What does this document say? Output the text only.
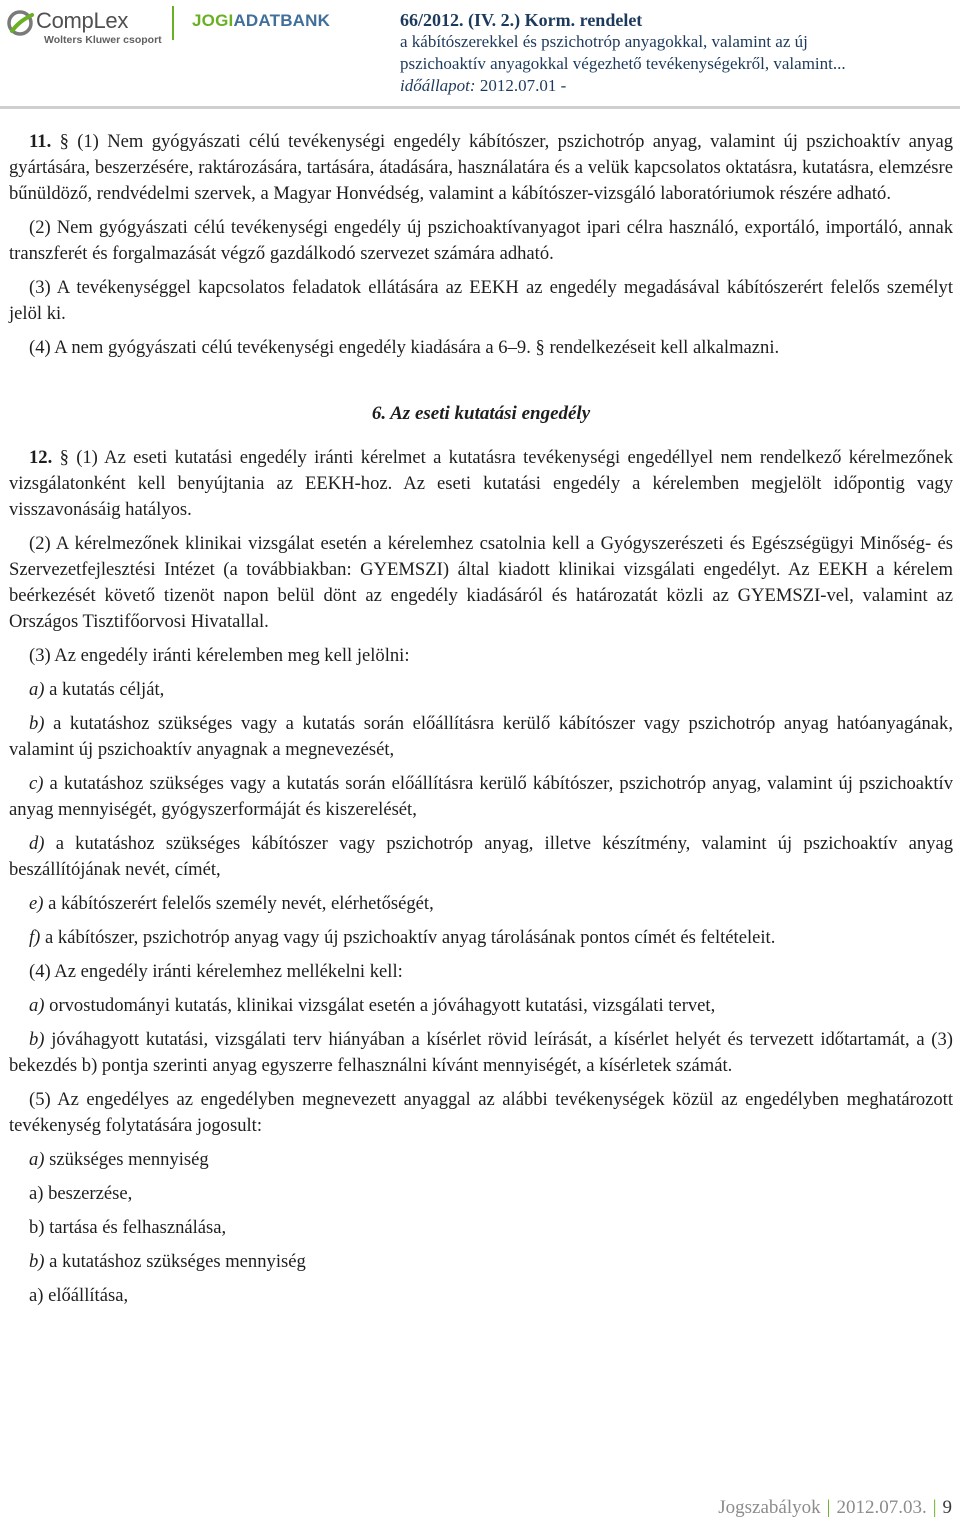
CompLex
Wolters Kluwer csoport
JOGIADATBANK	66/2012. (IV. 2.) Korm. rendelet
a kábítószerekkel és pszichotróp anyagokkal, valamint az új
pszichoaktív anyagokkal végezhető tevékenységekről, valamint...
időállapot: 2012.07.01 -

11. § (1) Nem gyógyászati célú tevékenységi engedély kábítószer, pszichotróp anyag, valamint új pszichoaktív anyag gyártására, beszerzésére, raktározására, tartására, átadására, használatára és a velük kapcsolatos oktatásra, kutatásra, elemzésre bűnüldöző, rendvédelmi szervek, a Magyar Honvédség, valamint a kábítószer-vizsgáló laboratóriumok részére adható.

(2) Nem gyógyászati célú tevékenységi engedély új pszichoaktívanyagot ipari célra használó, exportáló, importáló, annak transzferét és forgalmazását végző gazdálkodó szervezet számára adható.

(3) A tevékenységgel kapcsolatos feladatok ellátására az EEKH az engedély megadásával kábítószerért felelős személyt jelöl ki.

(4) A nem gyógyászati célú tevékenységi engedély kiadására a 6–9. § rendelkezéseit kell alkalmazni.

6. Az eseti kutatási engedély

12. § (1) Az eseti kutatási engedély iránti kérelmet a kutatásra tevékenységi engedéllyel nem rendelkező kérelmezőnek vizsgálatonként kell benyújtania az EEKH-hoz. Az eseti kutatási engedély a kérelemben megjelölt időpontig vagy visszavonásáig hatályos.

(2) A kérelmezőnek klinikai vizsgálat esetén a kérelemhez csatolnia kell a Gyógyszerészeti és Egészségügyi Minőség- és Szervezetfejlesztési Intézet (a továbbiakban: GYEMSZI) által kiadott klinikai vizsgálati engedélyt. Az EEKH a kérelem beérkezését követő tizenöt napon belül dönt az engedély kiadásáról és határozatát közli az GYEMSZI-vel, valamint az Országos Tisztifőorvosi Hivatallal.

(3) Az engedély iránti kérelemben meg kell jelölni:

a) a kutatás célját,

b) a kutatáshoz szükséges vagy a kutatás során előállításra kerülő kábítószer vagy pszichotróp anyag hatóanyagának, valamint új pszichoaktív anyagnak a megnevezését,

c) a kutatáshoz szükséges vagy a kutatás során előállításra kerülő kábítószer, pszichotróp anyag, valamint új pszichoaktív anyag mennyiségét, gyógyszerformáját és kiszerelését,

d) a kutatáshoz szükséges kábítószer vagy pszichotróp anyag, illetve készítmény, valamint új pszichoaktív anyag beszállítójának nevét, címét,

e) a kábítószerért felelős személy nevét, elérhetőségét,

f) a kábítószer, pszichotróp anyag vagy új pszichoaktív anyag tárolásának pontos címét és feltételeit.

(4) Az engedély iránti kérelemhez mellékelni kell:

a) orvostudományi kutatás, klinikai vizsgálat esetén a jóváhagyott kutatási, vizsgálati tervet,

b) jóváhagyott kutatási, vizsgálati terv hiányában a kísérlet rövid leírását, a kísérlet helyét és tervezett időtartamát, a (3) bekezdés b) pontja szerinti anyag egyszerre felhasználni kívánt mennyiségét, a kísérletek számát.

(5) Az engedélyes az engedélyben megnevezett anyaggal az alábbi tevékenységek közül az engedélyben meghatározott tevékenység folytatására jogosult:

a) szükséges mennyiség

a) beszerzése,

b) tartása és felhasználása,

b) a kutatáshoz szükséges mennyiség

a) előállítása,

Jogszabályok | 2012.07.03. | 9
